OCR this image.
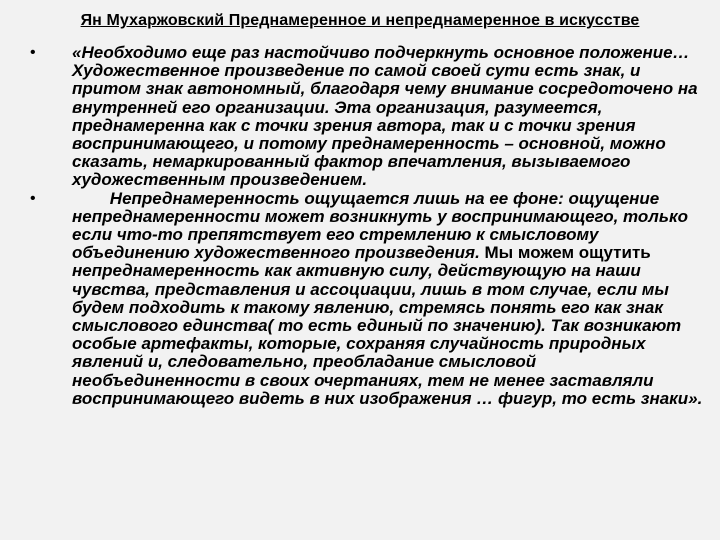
Ян Мухаржовский Преднамеренное и непреднамеренное в искусстве
• «Необходимо еще раз настойчиво подчеркнуть основное положение…Художественное произведение по самой своей сути есть знак, и притом знак автономный, благодаря чему внимание сосредоточено на внутренней его организации. Эта организация, разумеется, преднамеренна как с точки зрения автора, так и с точки зрения воспринимающего, и потому преднамеренность – основной, можно сказать, немаркированный фактор впечатления, вызываемого художественным произведением.
•	Непреднамеренность ощущается лишь на ее фоне: ощущение непреднамеренности может возникнуть у воспринимающего, только если что-то препятствует его стремлению к смысловому объединению художественного произведения. Мы можем ощутить непреднамеренность как активную силу, действующую на наши чувства, представления и ассоциации, лишь в том случае, если мы будем подходить к такому явлению, стремясь понять его как знак смыслового единства( то есть единый по значению). Так возникают особые артефакты, которые, сохраняя случайность природных явлений и, следовательно, преобладание смысловой необъединенности в своих очертаниях, тем не менее заставляли воспринимающего видеть в них изображения … фигур, то есть знаки».
